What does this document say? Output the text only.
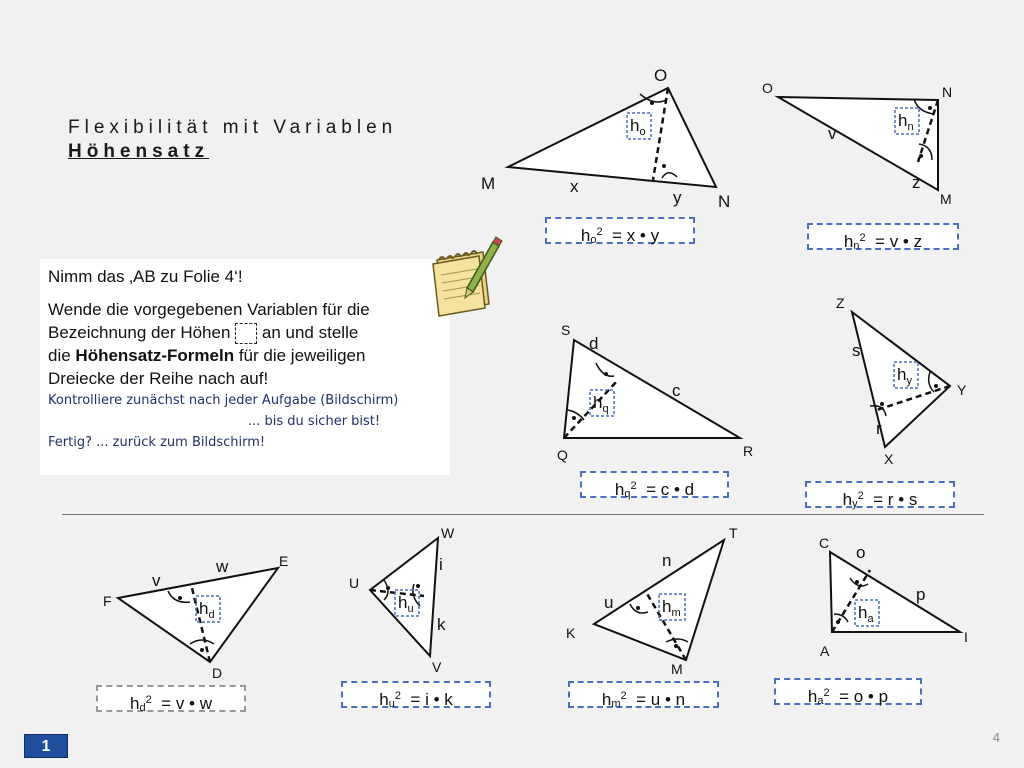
Flexibilität mit Variablen
Höhensatz
Nimm das ‚AB zu Folie 4‘!
Wende die vorgegebenen Variablen für die
Bezeichnung der Höhen an und stelle
die Höhensatz-Formeln für die jeweiligen
Dreiecke der Reihe nach auf!
Kontrolliere zunächst nach jeder Aufgabe (Bildschirm)
... bis du sicher bist!
Fertig? ... zurück zum Bildschirm!
$h_o$
O
M
N
x
y
$h_n$
O	N
M
v
z
$h_q$
S
Q	R
d
c
$h_y$
Z
Y
X
s
r
$h_d$
E
F
D
w
v
$h_u$
W
U
V
i
k
$h_m$
T
K
M
n
u
$h_a$
C
A
I
o
p
$h_o^2 = x$ • y	$h_n^2 = v$ • z
$h_q^2 = c$ • d
$h_y^2 = r$ • s
$h_d^2 = v$ • w	$h_u^2 = i$ • k	$h_m^2 = u$ • n	$h_a^2 = o$ • p
1
4
